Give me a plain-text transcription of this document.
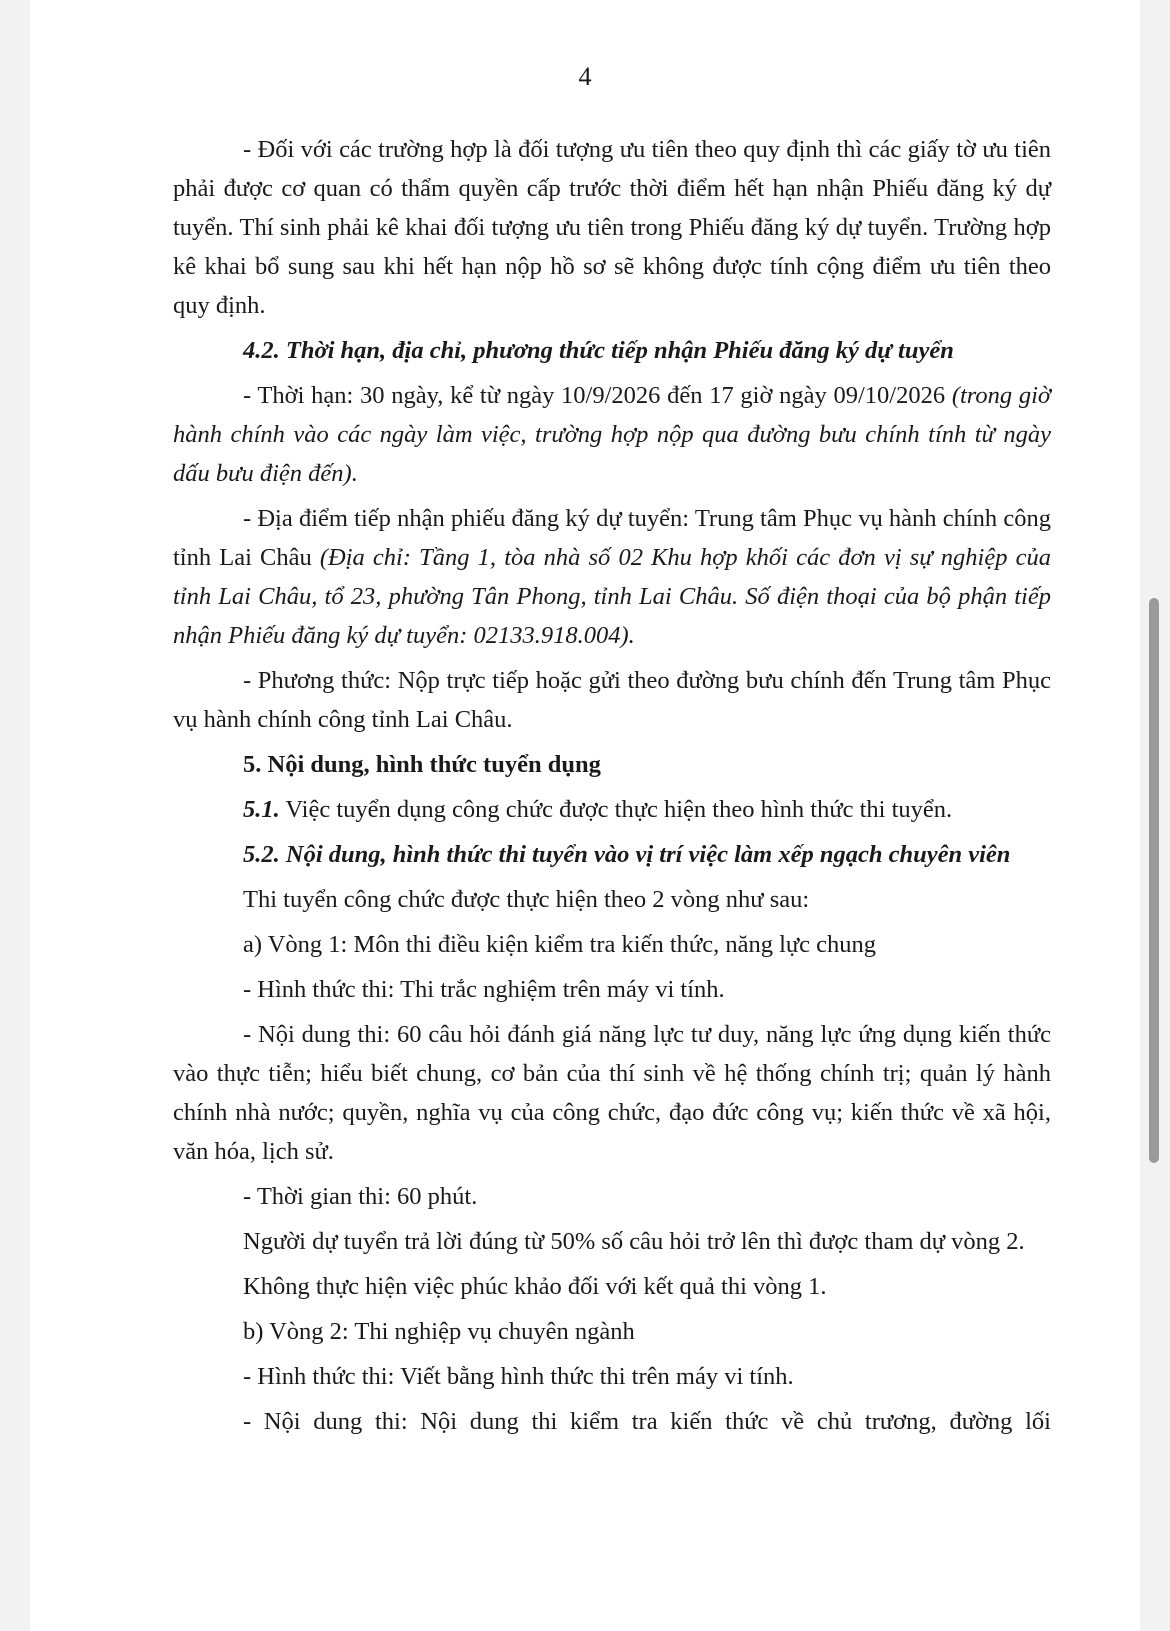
4

- Đối với các trường hợp là đối tượng ưu tiên theo quy định thì các giấy tờ ưu tiên phải được cơ quan có thẩm quyền cấp trước thời điểm hết hạn nhận Phiếu đăng ký dự tuyển. Thí sinh phải kê khai đối tượng ưu tiên trong Phiếu đăng ký dự tuyển. Trường hợp kê khai bổ sung sau khi hết hạn nộp hồ sơ sẽ không được tính cộng điểm ưu tiên theo quy định.

4.2. Thời hạn, địa chỉ, phương thức tiếp nhận Phiếu đăng ký dự tuyển

- Thời hạn: 30 ngày, kể từ ngày 10/9/2026 đến 17 giờ ngày 09/10/2026 (trong giờ hành chính vào các ngày làm việc, trường hợp nộp qua đường bưu chính tính từ ngày dấu bưu điện đến).

- Địa điểm tiếp nhận phiếu đăng ký dự tuyển: Trung tâm Phục vụ hành chính công tỉnh Lai Châu (Địa chỉ: Tầng 1, tòa nhà số 02 Khu hợp khối các đơn vị sự nghiệp của tỉnh Lai Châu, tổ 23, phường Tân Phong, tỉnh Lai Châu. Số điện thoại của bộ phận tiếp nhận Phiếu đăng ký dự tuyển: 02133.918.004).

- Phương thức: Nộp trực tiếp hoặc gửi theo đường bưu chính đến Trung tâm Phục vụ hành chính công tỉnh Lai Châu.

5. Nội dung, hình thức tuyển dụng

5.1. Việc tuyển dụng công chức được thực hiện theo hình thức thi tuyển.

5.2. Nội dung, hình thức thi tuyển vào vị trí việc làm xếp ngạch chuyên viên

Thi tuyển công chức được thực hiện theo 2 vòng như sau:

a) Vòng 1: Môn thi điều kiện kiểm tra kiến thức, năng lực chung

- Hình thức thi: Thi trắc nghiệm trên máy vi tính.

- Nội dung thi: 60 câu hỏi đánh giá năng lực tư duy, năng lực ứng dụng kiến thức vào thực tiễn; hiểu biết chung, cơ bản của thí sinh về hệ thống chính trị; quản lý hành chính nhà nước; quyền, nghĩa vụ của công chức, đạo đức công vụ; kiến thức về xã hội, văn hóa, lịch sử.

- Thời gian thi: 60 phút.

Người dự tuyển trả lời đúng từ 50% số câu hỏi trở lên thì được tham dự vòng 2.

Không thực hiện việc phúc khảo đối với kết quả thi vòng 1.

b) Vòng 2: Thi nghiệp vụ chuyên ngành

- Hình thức thi: Viết bằng hình thức thi trên máy vi tính.

- Nội dung thi: Nội dung thi kiểm tra kiến thức về chủ trương, đường lối
